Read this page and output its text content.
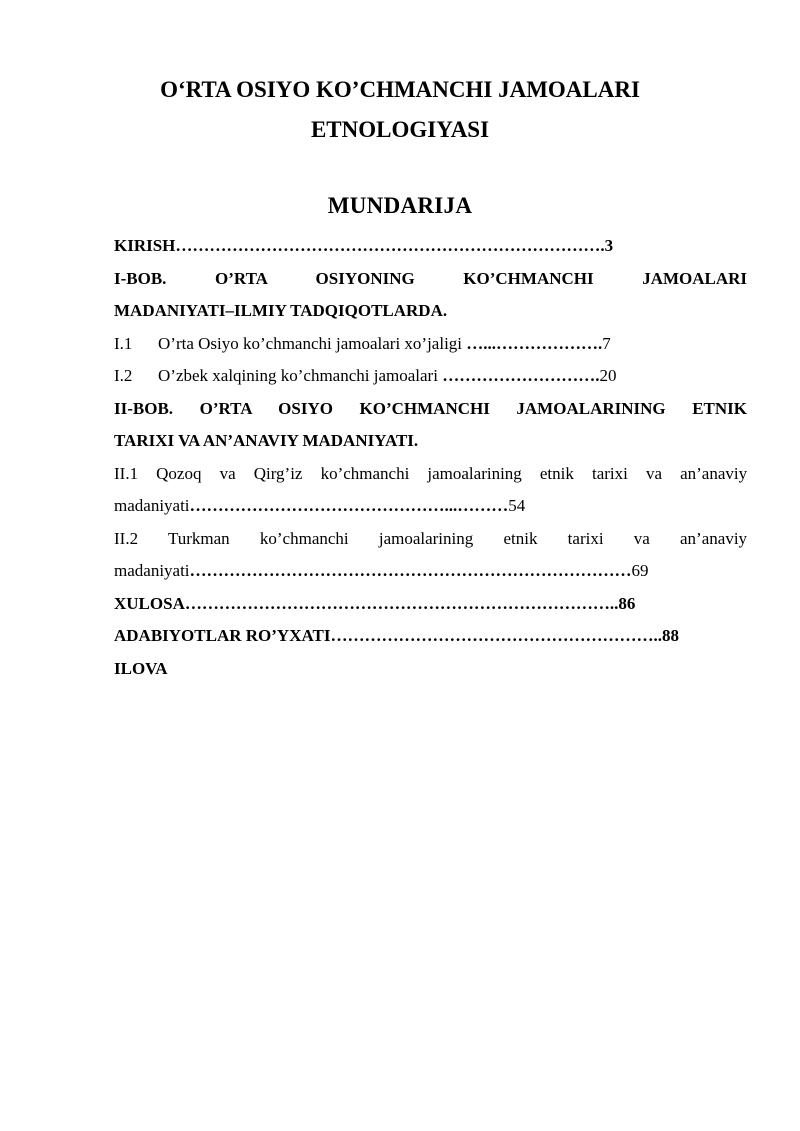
O‘RTA OSIYO KO’CHMANCHI JAMOALARI
ETNOLOGIYASI
MUNDARIJA
KIRISH………………………………………………………………….3
I-BOB.	O’RTA	OSIYONING	KO’CHMANCHI	JAMOALARI
MADANIYATI–ILMIY TADQIQOTLARDA.
I.1 O’rta Osiyo ko’chmanchi jamoalari xo’jaligi …...……………….7
I.2 O’zbek xalqining ko’chmanchi jamoalari ……………………….20
II-BOB. O’RTA OSIYO KO’CHMANCHI JAMOALARINING ETNIK
TARIXI VA AN’ANAVIY MADANIYATI.
II.1 Qozoq va Qirg’iz ko’chmanchi jamoalarining etnik tarixi va an’anaviy
madaniyati………………………………………...………54
II.2 Turkman ko’chmanchi jamoalarining etnik tarixi va an’anaviy
madaniyati……………………………………………………………………69
XULOSA…………………………………………………………………..86
ADABIYOTLAR RO’YXATI…………………………………………………..88
ILOVA
